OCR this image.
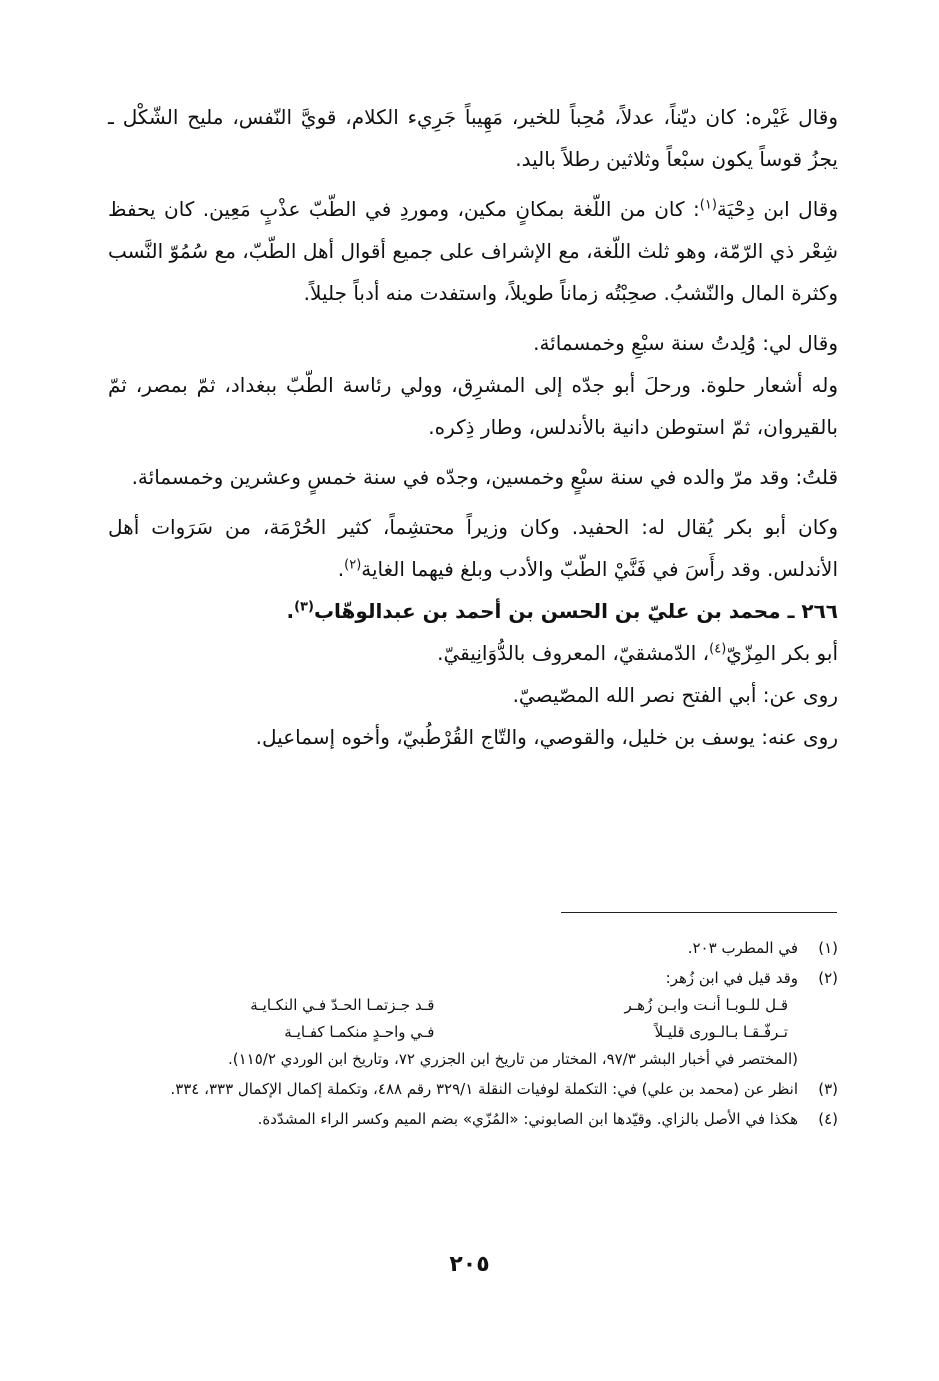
وقال غَيْره: كان ديّناً، عدلاً، مُحِباً للخير، مَهِيباً جَرِيء الكلام، قويَّ النّفس، مليح الشّكْل ـ يجزُ قوساً يكون سبْعاً وثلاثين رطلاً باليد.

وقال ابن دِحْيَة$^{(١)}$: كان من اللّغة بمكانٍ مكين، وموردِ في الطّبّ عذْبٍ مَعِين. كان يحفظ شِعْر ذي الرّمّة، وهو ثلث اللّغة، مع الإشراف على جميع أقوال أهل الطّبّ، مع سُمُوّ النَّسب وكثرة المال والنّشبُ. صحِبْتُه زماناً طويلاً، واستفدت منه أدباً جليلاً.

وقال لي: وُلِدتُ سنة سبْعِ وخمسمائة.

وله أشعار حلوة. ورحلَ أبو جدّه إلى المشرِق، وولي رئاسة الطّبّ ببغداد، ثمّ بمصر، ثمّ بالقيروان، ثمّ استوطن دانية بالأندلس، وطار ذِكره.

قلتُ: وقد مرّ والده في سنة سبْعٍ وخمسين، وجدّه في سنة خمسٍ وعشرين وخمسمائة.

وكان أبو بكر يُقال له: الحفيد. وكان وزيراً محتشِماً، كثير الحُرْمَة، من سَرَوات أهل الأندلس. وقد رأَسَ في فَنَّيْ الطّبّ والأدب وبلغ فيهما الغاية$^{(٢)}$.

٢٦٦ ـ محمد بن عليّ بن الحسن بن أحمد بن عبدالوهّاب$^{(٣)}$.

أبو بكر المِزّيّ$^{(٤)}$، الدّمشقيّ، المعروف بالدُّوَانِيقيّ.

روى عن: أبي الفتح نصر الله المصّيصيّ.

روى عنه: يوسف بن خليل، والقوصي، والتّاج القُرْطُبيّ، وأخوه إسماعيل.

(١)
في المطرب ٢٠٣.
(٢)
وقد قيل في ابن زُهر:
قـل للـوبـا أنـت وابـن زُهـر
قـد جـزتمـا الحـدّ فـي النكـايـة
تـرفّـقـا بـالـورى قليـلاً
فـي واحـدٍ منكمـا كفـايـة
(المختصر في أخبار البشر ٩٧/٣، المختار من تاريخ ابن الجزري ٧٢، وتاريخ ابن الوردي ١١٥/٢).
(٣)
انظر عن (محمد بن علي) في: التكملة لوفيات النقلة ٣٢٩/١ رقم ٤٨٨، وتكملة إكمال الإكمال ٣٣٣، ٣٣٤.
(٤)
هكذا في الأصل بالزاي. وقيّدها ابن الصابوني: «المُزّي» بضم الميم وكسر الراء المشدّدة.
٢٠٥
